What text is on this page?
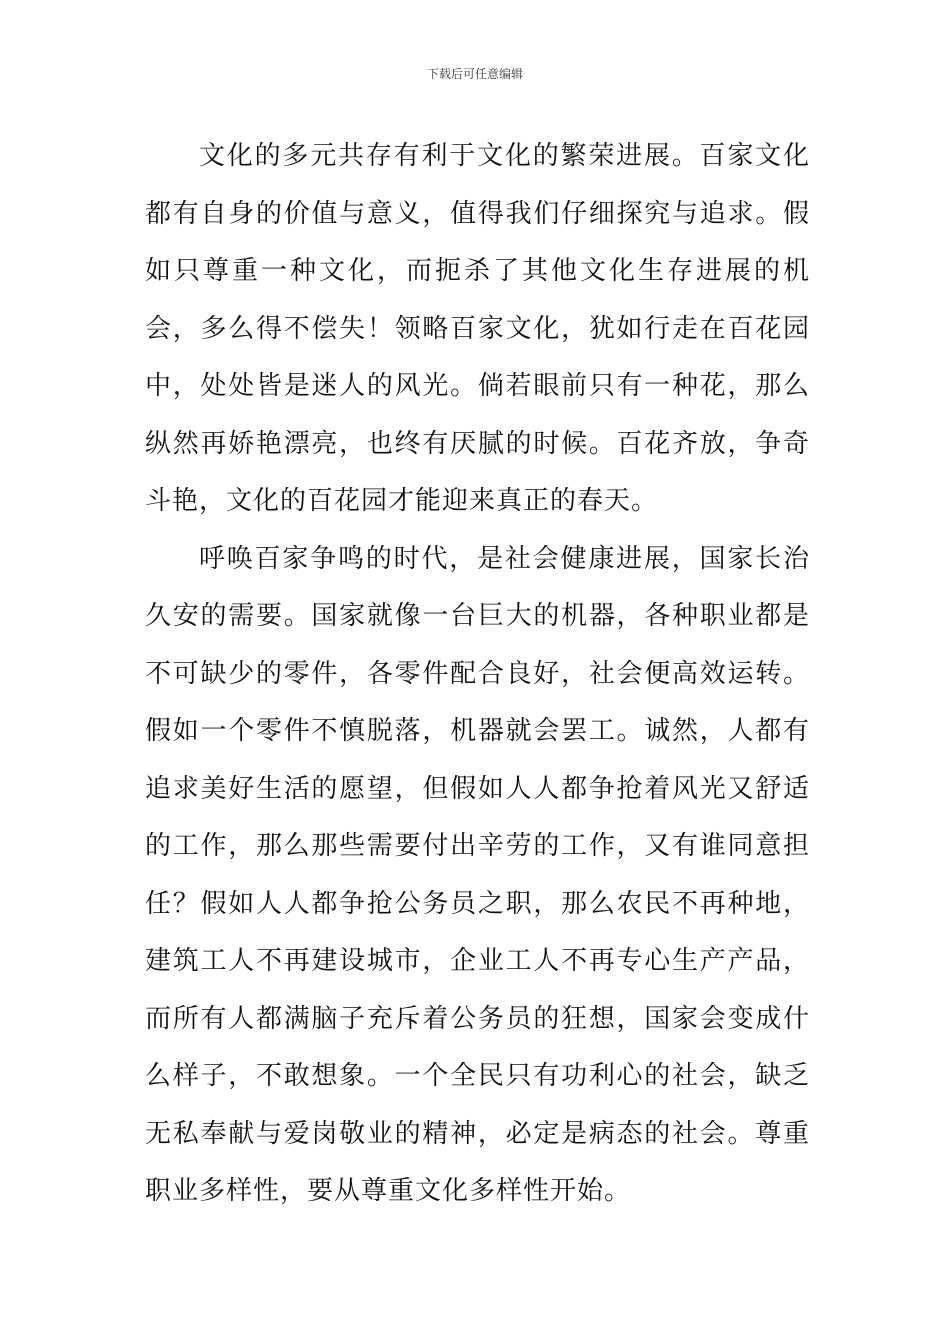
下载后可任意编辑

文化的多元共存有利于文化的繁荣进展。百家文化都有自身的价值与意义，值得我们仔细探究与追求。假如只尊重一种文化，而扼杀了其他文化生存进展的机会，多么得不偿失！领略百家文化，犹如行走在百花园中，处处皆是迷人的风光。倘若眼前只有一种花，那么纵然再娇艳漂亮，也终有厌腻的时候。百花齐放，争奇斗艳，文化的百花园才能迎来真正的春天。

呼唤百家争鸣的时代，是社会健康进展，国家长治久安的需要。国家就像一台巨大的机器，各种职业都是不可缺少的零件，各零件配合良好，社会便高效运转。假如一个零件不慎脱落，机器就会罢工。诚然，人都有追求美好生活的愿望，但假如人人都争抢着风光又舒适的工作，那么那些需要付出辛劳的工作，又有谁同意担任？假如人人都争抢公务员之职，那么农民不再种地，建筑工人不再建设城市，企业工人不再专心生产产品，而所有人都满脑子充斥着公务员的狂想，国家会变成什么样子，不敢想象。一个全民只有功利心的社会，缺乏无私奉献与爱岗敬业的精神，必定是病态的社会。尊重职业多样性，要从尊重文化多样性开始。
